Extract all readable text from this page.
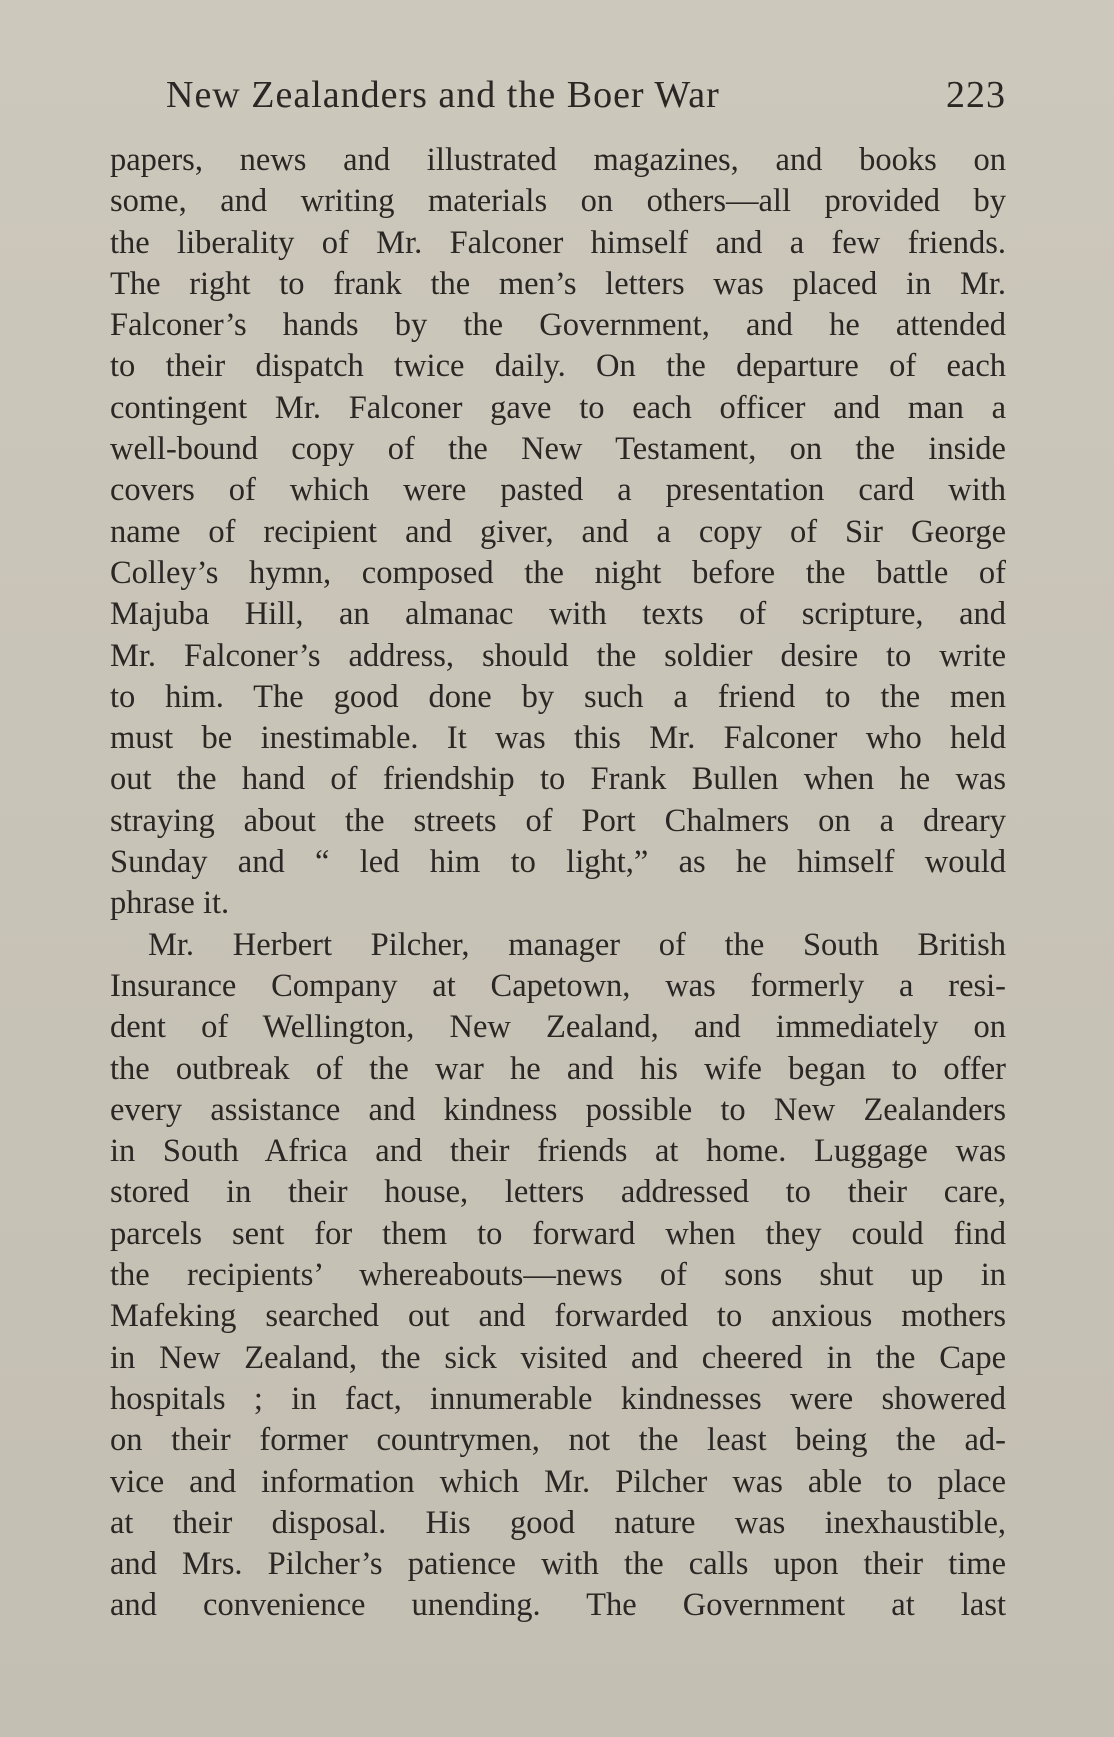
New Zealanders and the Boer War	223
papers, news and illustrated magazines, and books on
some, and writing materials on others—all provided by
the liberality of Mr. Falconer himself and a few friends.
The right to frank the men’s letters was placed in Mr.
Falconer’s hands by the Government, and he attended
to their dispatch twice daily. On the departure of each
contingent Mr. Falconer gave to each officer and man a
well-bound copy of the New Testament, on the inside
covers of which were pasted a presentation card with
name of recipient and giver, and a copy of Sir George
Colley’s hymn, composed the night before the battle of
Majuba Hill, an almanac with texts of scripture, and
Mr. Falconer’s address, should the soldier desire to write
to him. The good done by such a friend to the men
must be inestimable. It was this Mr. Falconer who held
out the hand of friendship to Frank Bullen when he was
straying about the streets of Port Chalmers on a dreary
Sunday and “ led him to light,” as he himself would
phrase it.
Mr. Herbert Pilcher, manager of the South British
Insurance Company at Capetown, was formerly a resi-
dent of Wellington, New Zealand, and immediately on
the outbreak of the war he and his wife began to offer
every assistance and kindness possible to New Zealanders
in South Africa and their friends at home. Luggage was
stored in their house, letters addressed to their care,
parcels sent for them to forward when they could find
the recipients’ whereabouts—news of sons shut up in
Mafeking searched out and forwarded to anxious mothers
in New Zealand, the sick visited and cheered in the Cape
hospitals ; in fact, innumerable kindnesses were showered
on their former countrymen, not the least being the ad-
vice and information which Mr. Pilcher was able to place
at their disposal. His good nature was inexhaustible,
and Mrs. Pilcher’s patience with the calls upon their time
and convenience unending. The Government at last
